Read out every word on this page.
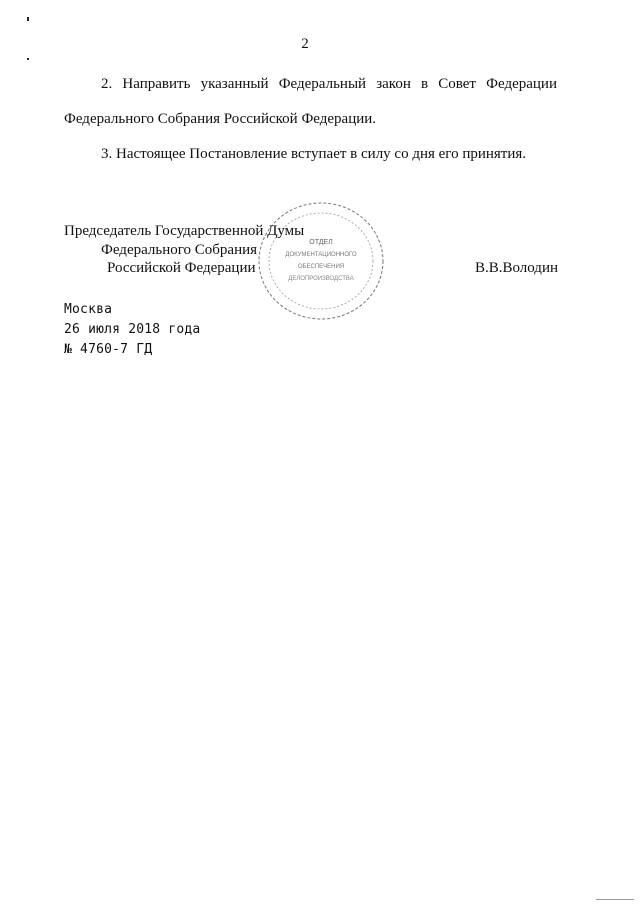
2
2. Направить указанный Федеральный закон в Совет Федерации
Федерального Собрания Российской Федерации.
3. Настоящее Постановление вступает в силу со дня его принятия.
ОТДЕЛ
ДОКУМЕНТАЦИОННОГО
ОБЕСПЕЧЕНИЯ
ДЕЛОПРОИЗВОДСТВА
Председатель Государственной Думы
Федерального Собрания
Российской Федерации	В.В.Володин
Москва
26 июля 2018 года
№ 4760-7 ГД
